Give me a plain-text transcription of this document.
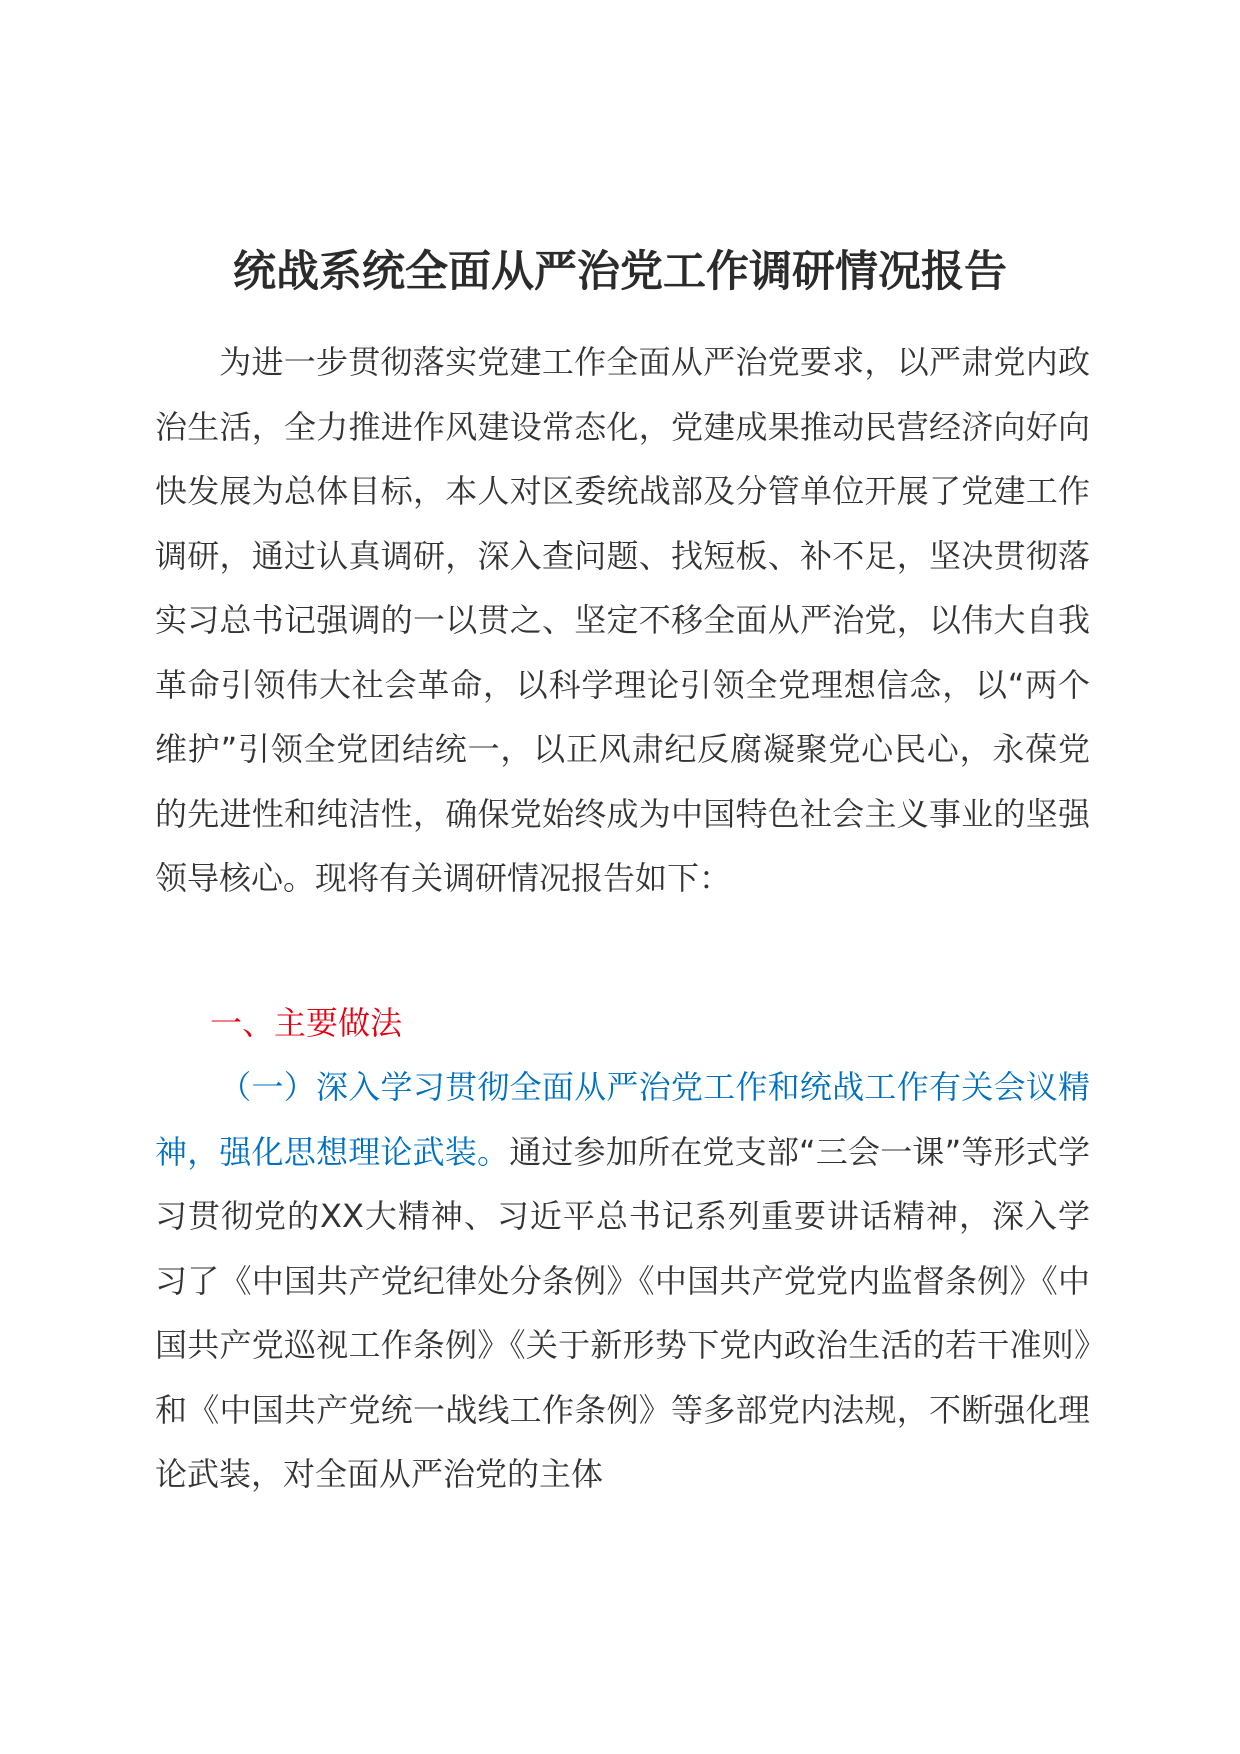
统战系统全面从严治党工作调研情况报告
为进一步贯彻落实党建工作全面从严治党要求，以严肃党内政治生活，全力推进作风建设常态化，党建成果推动民营经济向好向快发展为总体目标，本人对区委统战部及分管单位开展了党建工作调研，通过认真调研，深入查问题、找短板、补不足，坚决贯彻落实习总书记强调的一以贯之、坚定不移全面从严治党，以伟大自我革命引领伟大社会革命，以科学理论引领全党理想信念，以“两个维护”引领全党团结统一，以正风肃纪反腐凝聚党心民心，永葆党的先进性和纯洁性，确保党始终成为中国特色社会主义事业的坚强领导核心。现将有关调研情况报告如下：
一、主要做法
（一）深入学习贯彻全面从严治党工作和统战工作有关会议精神，强化思想理论武装。通过参加所在党支部“三会一课”等形式学习贯彻党的XX大精神、习近平总书记系列重要讲话精神，深入学习了《中国共产党纪律处分条例》《中国共产党党内监督条例》《中国共产党巡视工作条例》《关于新形势下党内政治生活的若干准则》和《中国共产党统一战线工作条例》等多部党内法规，不断强化理论武装，对全面从严治党的主体
